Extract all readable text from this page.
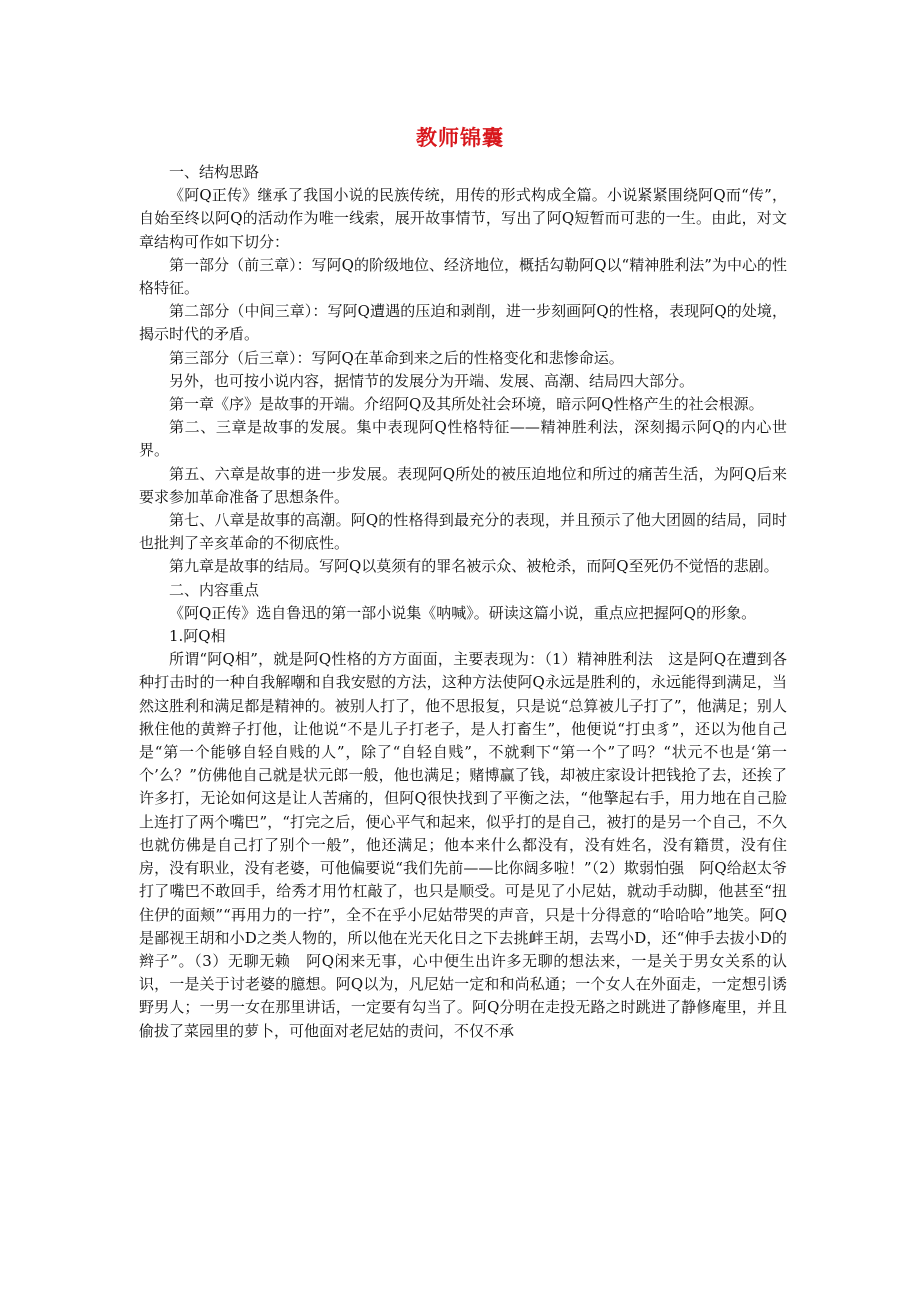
教师锦囊

一、结构思路

《阿Q正传》继承了我国小说的民族传统，用传的形式构成全篇。小说紧紧围绕阿Q而“传”，自始至终以阿Q的活动作为唯一线索，展开故事情节，写出了阿Q短暂而可悲的一生。由此，对文章结构可作如下切分：

第一部分（前三章）：写阿Q的阶级地位、经济地位，概括勾勒阿Q以“精神胜利法”为中心的性格特征。

第二部分（中间三章）：写阿Q遭遇的压迫和剥削，进一步刻画阿Q的性格，表现阿Q的处境，揭示时代的矛盾。

第三部分（后三章）：写阿Q在革命到来之后的性格变化和悲惨命运。

另外，也可按小说内容，据情节的发展分为开端、发展、高潮、结局四大部分。

第一章《序》是故事的开端。介绍阿Q及其所处社会环境，暗示阿Q性格产生的社会根源。

第二、三章是故事的发展。集中表现阿Q性格特征——精神胜利法，深刻揭示阿Q的内心世界。

第五、六章是故事的进一步发展。表现阿Q所处的被压迫地位和所过的痛苦生活，为阿Q后来要求参加革命准备了思想条件。

第七、八章是故事的高潮。阿Q的性格得到最充分的表现，并且预示了他大团圆的结局，同时也批判了辛亥革命的不彻底性。

第九章是故事的结局。写阿Q以莫须有的罪名被示众、被枪杀，而阿Q至死仍不觉悟的悲剧。

二、内容重点

《阿Q正传》选自鲁迅的第一部小说集《呐喊》。研读这篇小说，重点应把握阿Q的形象。

1.阿Q相

所谓“阿Q相”，就是阿Q性格的方方面面，主要表现为：（1）精神胜利法　这是阿Q在遭到各种打击时的一种自我解嘲和自我安慰的方法，这种方法使阿Q永远是胜利的，永远能得到满足，当然这胜利和满足都是精神的。被别人打了，他不思报复，只是说“总算被儿子打了”，他满足；别人揪住他的黄辫子打他，让他说“不是儿子打老子，是人打畜生”，他便说“打虫豸”，还以为他自己是“第一个能够自轻自贱的人”，除了“自轻自贱”，不就剩下“第一个”了吗？“状元不也是‘第一个’么？”仿佛他自己就是状元郎一般，他也满足；赌博赢了钱，却被庄家设计把钱抢了去，还挨了许多打，无论如何这是让人苦痛的，但阿Q很快找到了平衡之法，“他擎起右手，用力地在自己脸上连打了两个嘴巴”，“打完之后，便心平气和起来，似乎打的是自己，被打的是另一个自己，不久也就仿佛是自己打了别个一般”，他还满足；他本来什么都没有，没有姓名，没有籍贯，没有住房，没有职业，没有老婆，可他偏要说“我们先前——比你阔多啦！”（2）欺弱怕强　阿Q给赵太爷打了嘴巴不敢回手，给秀才用竹杠敲了，也只是顺受。可是见了小尼姑，就动手动脚，他甚至“扭住伊的面颊”“再用力的一拧”，全不在乎小尼姑带哭的声音，只是十分得意的“哈哈哈”地笑。阿Q是鄙视王胡和小D之类人物的，所以他在光天化日之下去挑衅王胡，去骂小D，还“伸手去拔小D的辫子”。（3）无聊无赖　阿Q闲来无事，心中便生出许多无聊的想法来，一是关于男女关系的认识，一是关于讨老婆的臆想。阿Q以为，凡尼姑一定和和尚私通；一个女人在外面走，一定想引诱野男人；一男一女在那里讲话，一定要有勾当了。阿Q分明在走投无路之时跳进了静修庵里，并且偷拔了菜园里的萝卜，可他面对老尼姑的责问，不仅不承
